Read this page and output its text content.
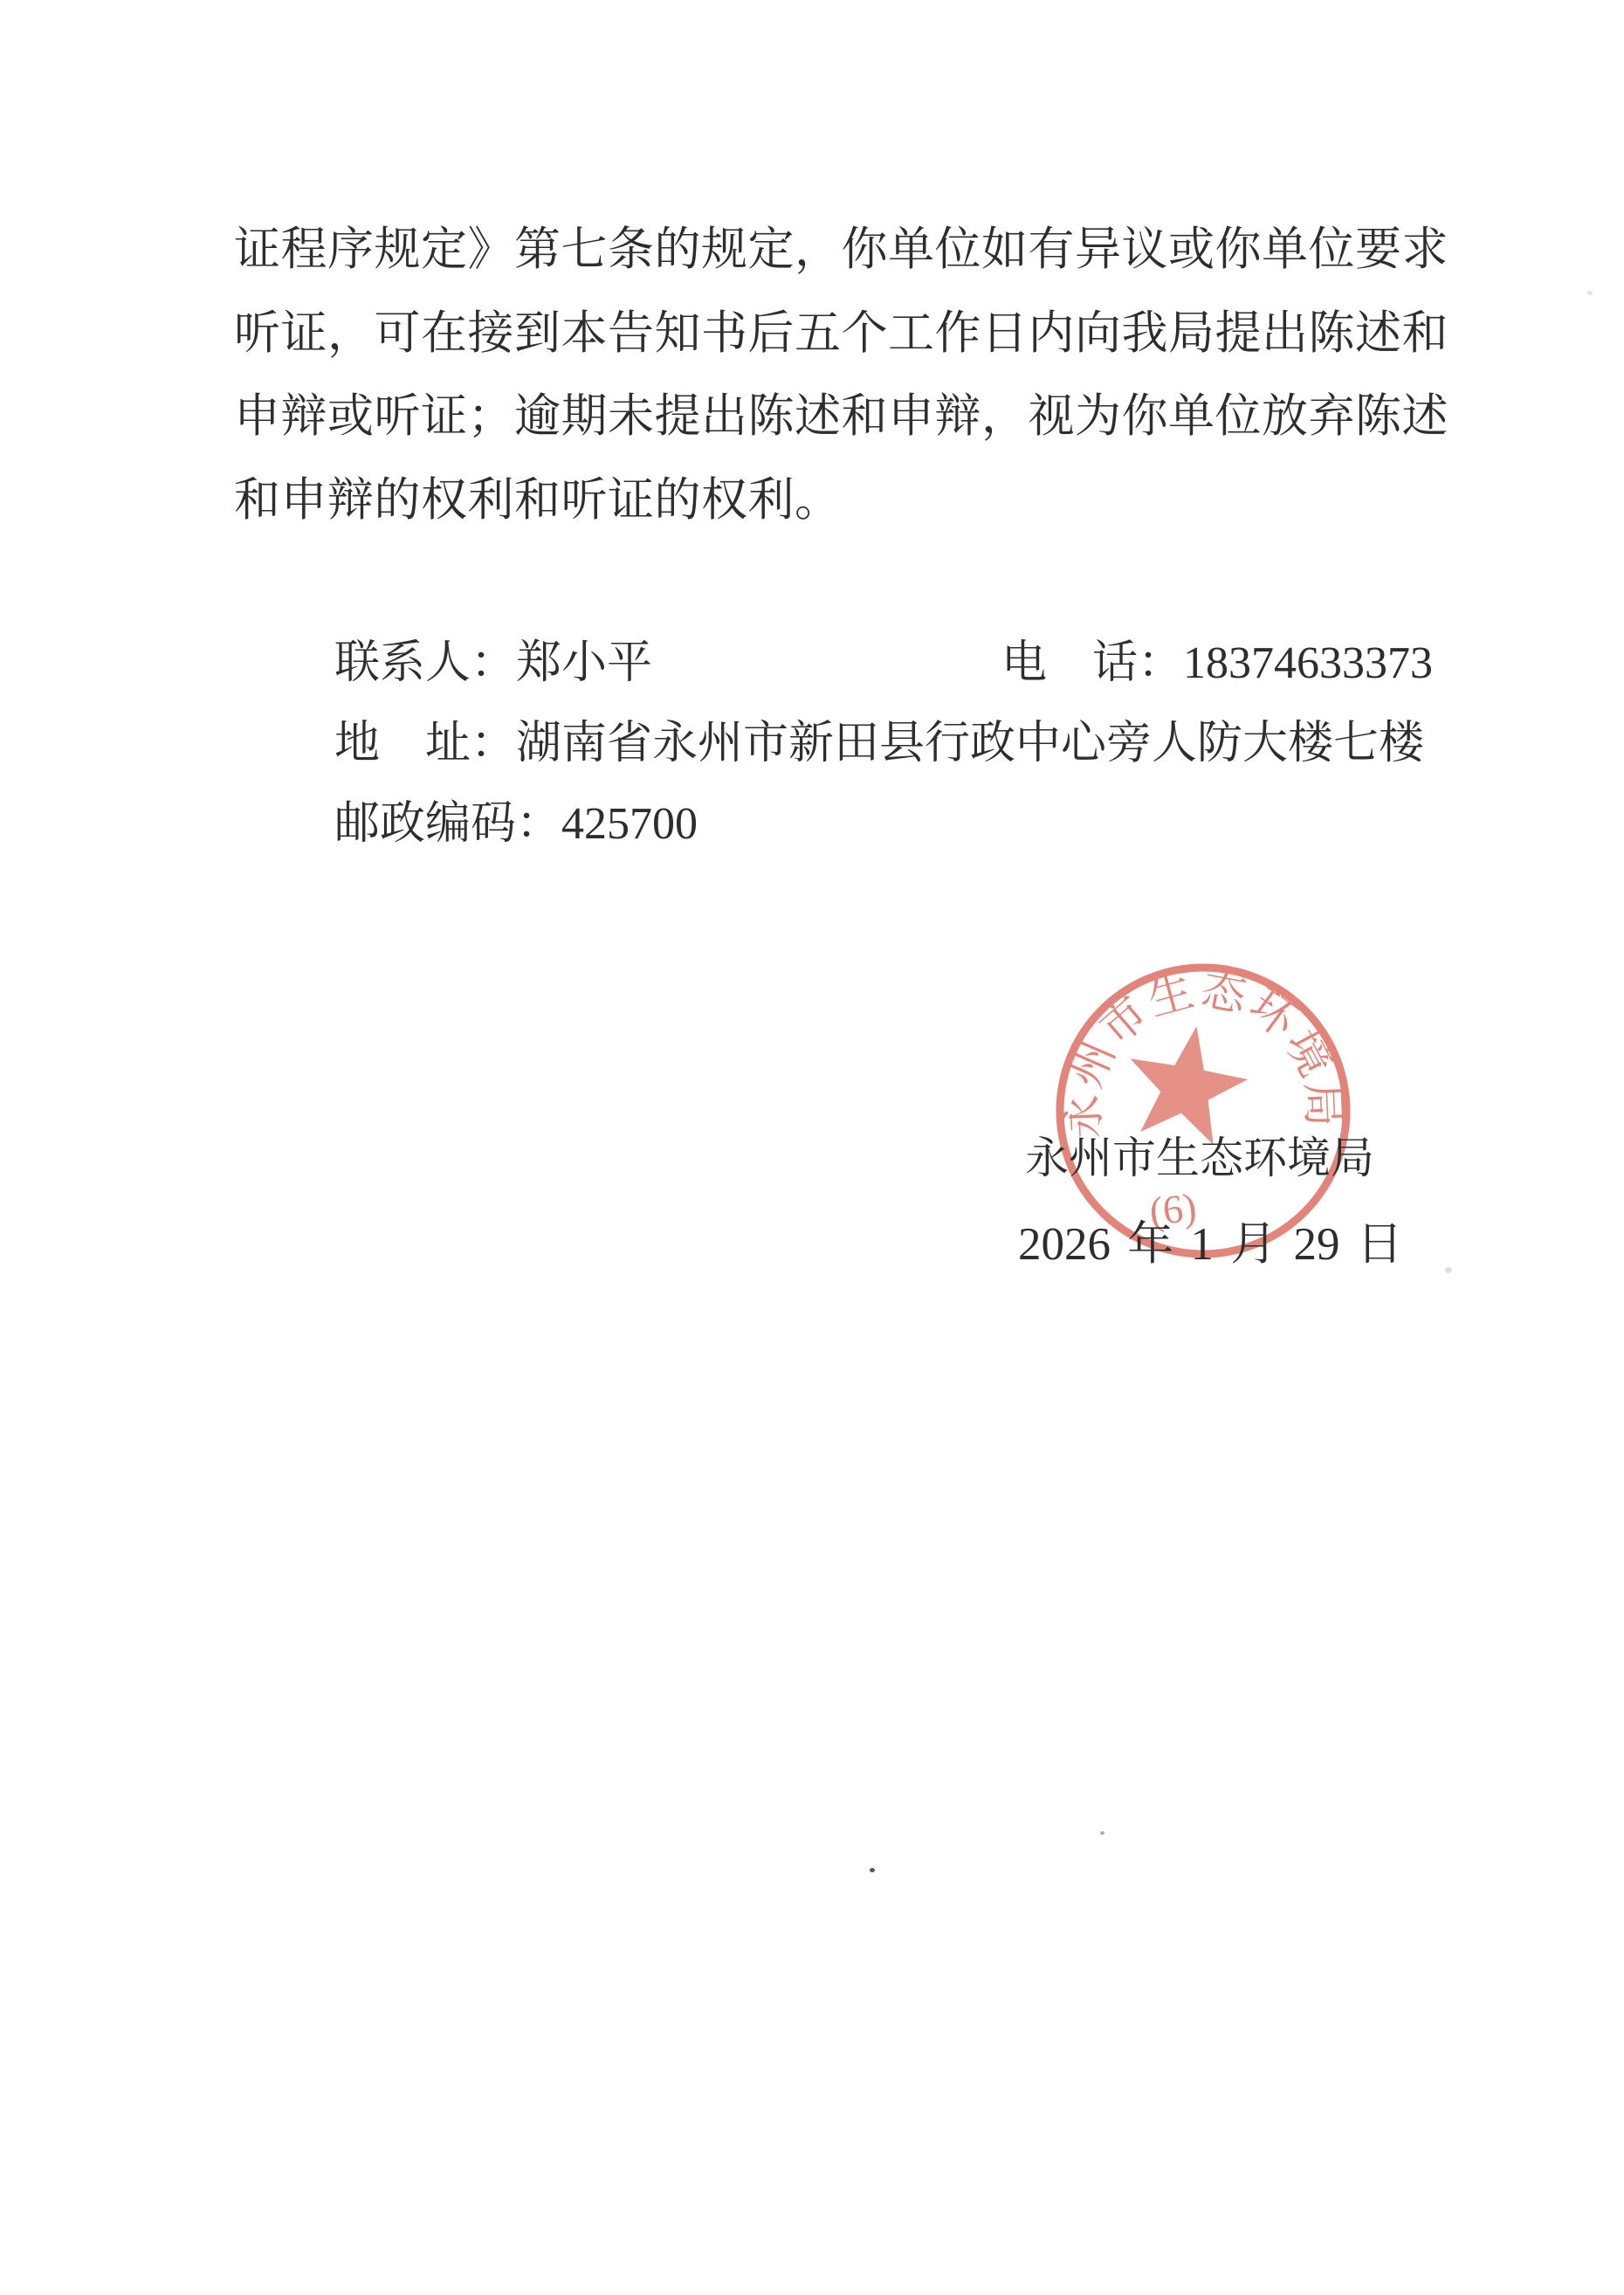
证程序规定》第七条的规定，你单位如有异议或你单位要求
听证，可在接到本告知书后五个工作日内向我局提出陈述和
申辩或听证；逾期未提出陈述和申辩，视为你单位放弃陈述
和申辩的权利和听证的权利。
联系人：郑小平	电　话：18374633373
地　址：湖南省永州市新田县行政中心旁人防大楼七楼
邮政编码：425700
永州市生态环境局
(6)
永州市生态环境局
2026 年 1 月 29 日
